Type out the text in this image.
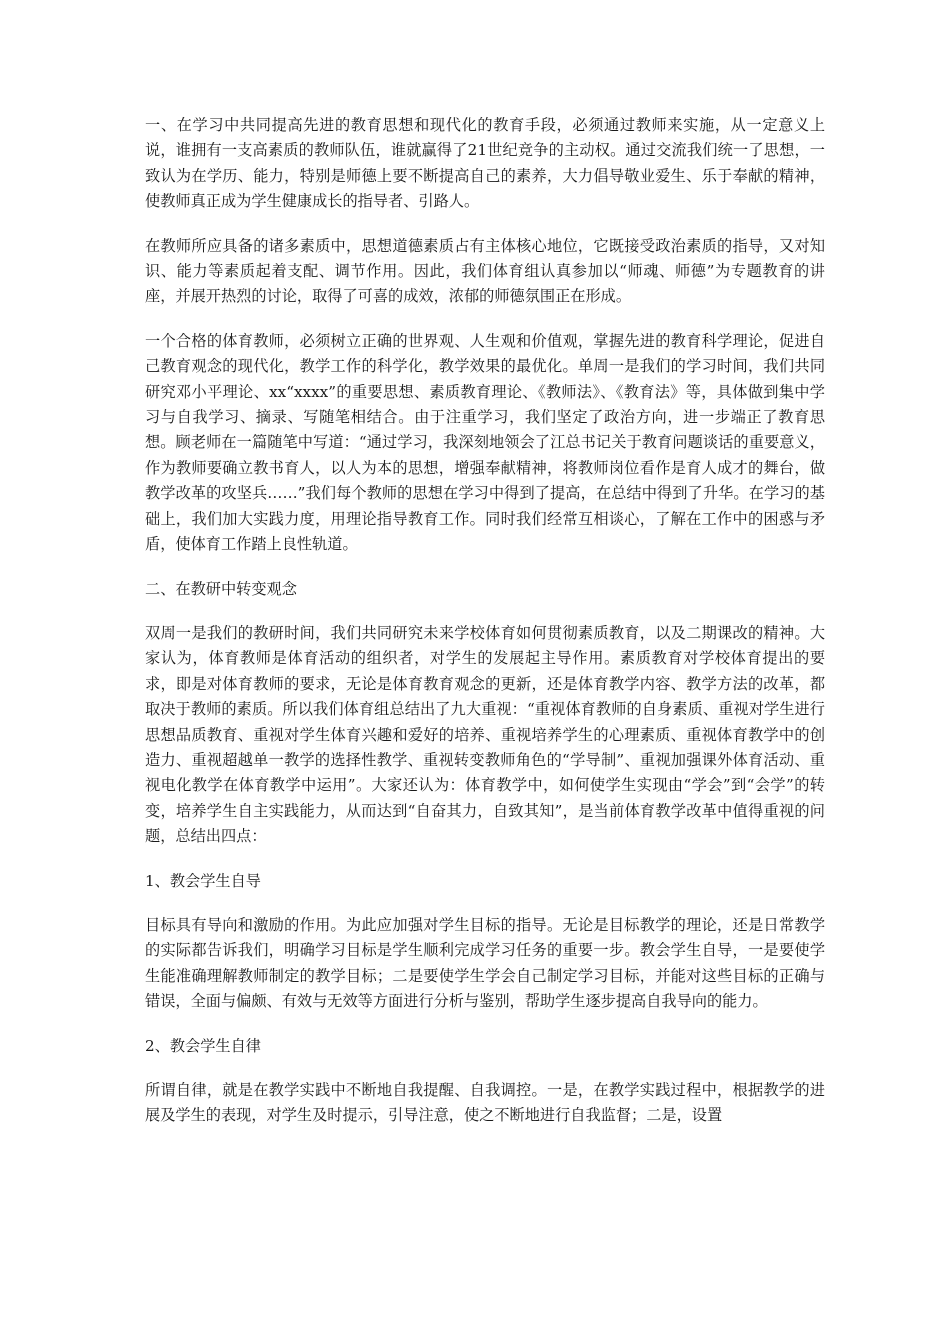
一、在学习中共同提高先进的教育思想和现代化的教育手段，必须通过教师来实施，从一定意义上说，谁拥有一支高素质的教师队伍，谁就赢得了21世纪竞争的主动权。通过交流我们统一了思想，一致认为在学历、能力，特别是师德上要不断提高自己的素养，大力倡导敬业爱生、乐于奉献的精神，使教师真正成为学生健康成长的指导者、引路人。

在教师所应具备的诸多素质中，思想道德素质占有主体核心地位，它既接受政治素质的指导，又对知识、能力等素质起着支配、调节作用。因此，我们体育组认真参加以“师魂、师德”为专题教育的讲座，并展开热烈的讨论，取得了可喜的成效，浓郁的师德氛围正在形成。

一个合格的体育教师，必须树立正确的世界观、人生观和价值观，掌握先进的教育科学理论，促进自己教育观念的现代化，教学工作的科学化，教学效果的最优化。单周一是我们的学习时间，我们共同研究邓小平理论、xx“xxxx”的重要思想、素质教育理论、《教师法》、《教育法》等，具体做到集中学习与自我学习、摘录、写随笔相结合。由于注重学习，我们坚定了政治方向，进一步端正了教育思想。顾老师在一篇随笔中写道：“通过学习，我深刻地领会了江总书记关于教育问题谈话的重要意义，作为教师要确立教书育人，以人为本的思想，增强奉献精神，将教师岗位看作是育人成才的舞台，做教学改革的攻坚兵……”我们每个教师的思想在学习中得到了提高，在总结中得到了升华。在学习的基础上，我们加大实践力度，用理论指导教育工作。同时我们经常互相谈心，了解在工作中的困惑与矛盾，使体育工作踏上良性轨道。

二、在教研中转变观念

双周一是我们的教研时间，我们共同研究未来学校体育如何贯彻素质教育，以及二期课改的精神。大家认为，体育教师是体育活动的组织者，对学生的发展起主导作用。素质教育对学校体育提出的要求，即是对体育教师的要求，无论是体育教育观念的更新，还是体育教学内容、教学方法的改革，都取决于教师的素质。所以我们体育组总结出了九大重视：“重视体育教师的自身素质、重视对学生进行思想品质教育、重视对学生体育兴趣和爱好的培养、重视培养学生的心理素质、重视体育教学中的创造力、重视超越单一教学的选择性教学、重视转变教师角色的“学导制”、重视加强课外体育活动、重视电化教学在体育教学中运用”。大家还认为：体育教学中，如何使学生实现由“学会”到“会学”的转变，培养学生自主实践能力，从而达到“自奋其力，自致其知”，是当前体育教学改革中值得重视的问题，总结出四点：

1、教会学生自导

目标具有导向和激励的作用。为此应加强对学生目标的指导。无论是目标教学的理论，还是日常教学的实际都告诉我们，明确学习目标是学生顺利完成学习任务的重要一步。教会学生自导，一是要使学生能准确理解教师制定的教学目标；二是要使学生学会自己制定学习目标，并能对这些目标的正确与错误，全面与偏颇、有效与无效等方面进行分析与鉴别，帮助学生逐步提高自我导向的能力。

2、教会学生自律

所谓自律，就是在教学实践中不断地自我提醒、自我调控。一是，在教学实践过程中，根据教学的进展及学生的表现，对学生及时提示，引导注意，使之不断地进行自我监督；二是，设置
